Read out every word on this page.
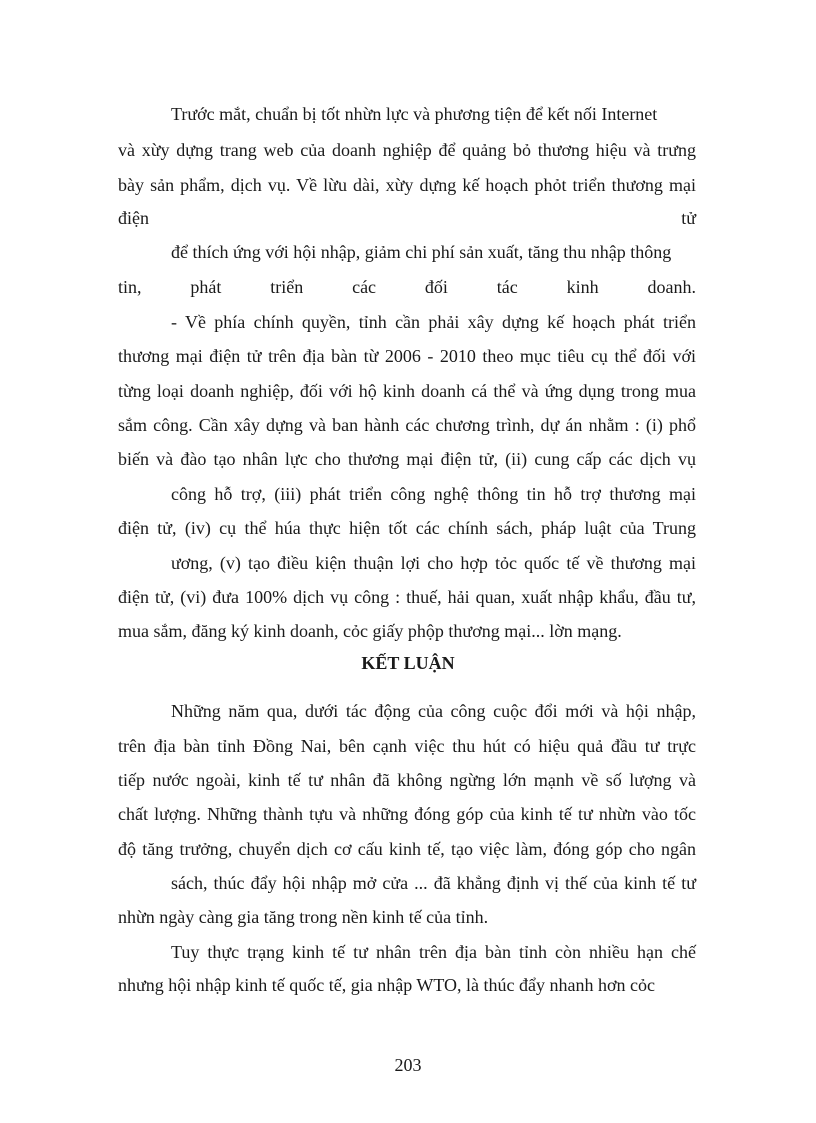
Trước mắt, chuẩn bị tốt nhừn lực và phương tiện để kết nối Internet
và xừy dựng trang web của doanh nghiệp để quảng bỏ thương hiệu và trưng
bày sản phẩm, dịch vụ. Về lừu dài, xừy dựng kế hoạch phỏt triển thương mại
điện tử
để thích ứng với hội nhập, giảm chi phí sản xuất, tăng thu nhập thông
tin, phát triển các đối tác kinh doanh.
- Về phía chính quyền, tỉnh cần phải xây dựng kế hoạch phát triển
thương mại điện tử trên địa bàn từ 2006 - 2010 theo mục tiêu cụ thể đối với
từng loại doanh nghiệp, đối với hộ kinh doanh cá thể và ứng dụng trong mua
sắm công. Cần xây dựng và ban hành các chương trình, dự án nhằm : (i) phổ
biến và đào tạo nhân lực cho thương mại điện tử, (ii) cung cấp các dịch vụ
công hỗ trợ, (iii) phát triển công nghệ thông tin hỗ trợ thương mại
điện tử, (iv) cụ thể húa thực hiện tốt các chính sách, pháp luật của Trung
ương, (v) tạo điều kiện thuận lợi cho hợp tỏc quốc tế về thương mại
điện tử, (vi) đưa 100% dịch vụ công : thuế, hải quan, xuất nhập khẩu, đầu tư,
mua sắm, đăng ký kinh doanh, cỏc giấy phộp thương mại... lờn mạng.
KẾT LUẬN
Những năm qua, dưới tác động của công cuộc đổi mới và hội nhập,
trên địa bàn tỉnh Đồng Nai, bên cạnh việc thu hút có hiệu quả đầu tư trực
tiếp nước ngoài, kinh tế tư nhân đã không ngừng lớn mạnh về số lượng và
chất lượng. Những thành tựu và những đóng góp của kinh tế tư nhừn vào tốc
độ tăng trưởng, chuyển dịch cơ cấu kinh tế, tạo việc làm, đóng góp cho ngân
sách, thúc đẩy hội nhập mở cửa ... đã khẳng định vị thế của kinh tế tư
nhừn ngày càng gia tăng trong nền kinh tế của tỉnh.
Tuy thực trạng kinh tế tư nhân trên địa bàn tỉnh còn nhiều hạn chế
nhưng hội nhập kinh tế quốc tế, gia nhập WTO, là thúc đẩy nhanh hơn cỏc
203
